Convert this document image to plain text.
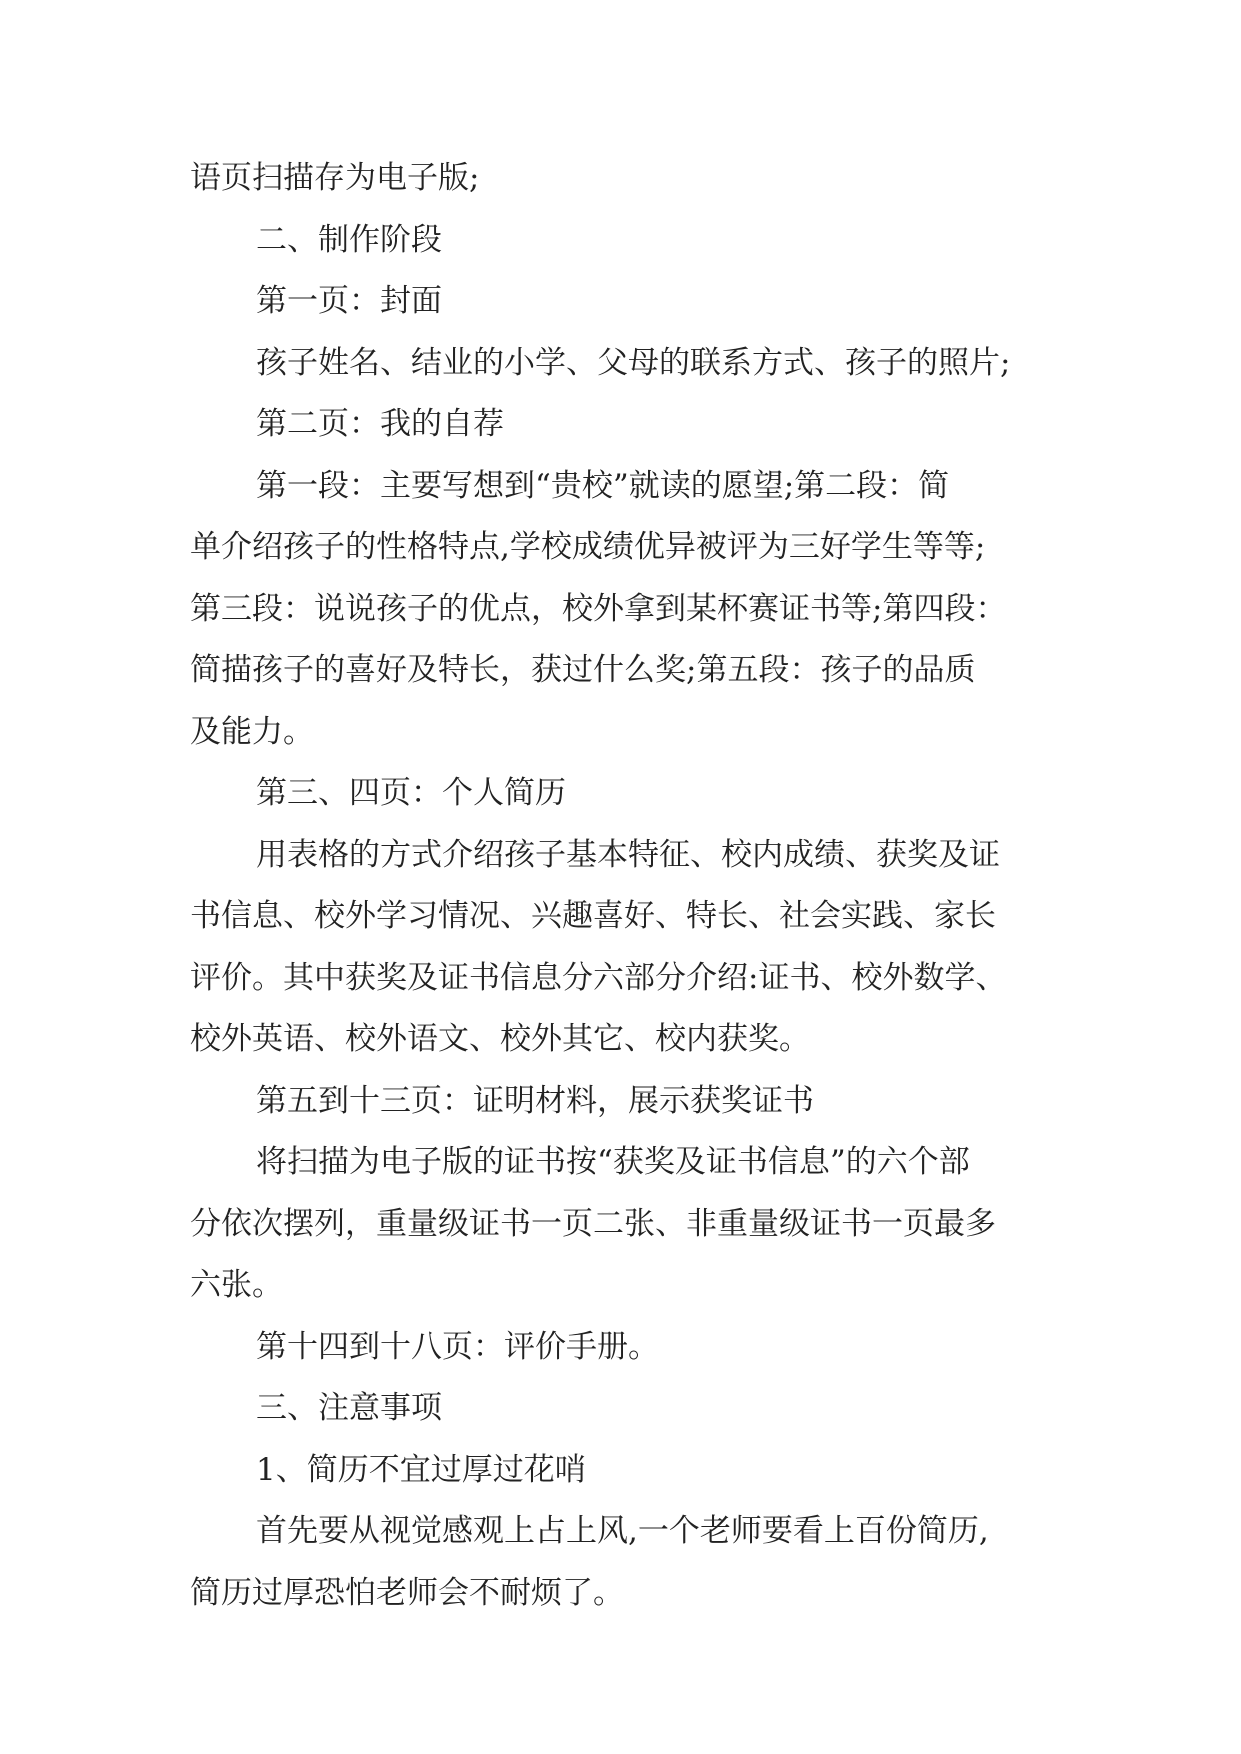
语页扫描存为电子版;
二、制作阶段
第一页：封面
孩子姓名、结业的小学、父母的联系方式、孩子的照片;
第二页：我的自荐
第一段：主要写想到“贵校”就读的愿望;第二段：简
单介绍孩子的性格特点,学校成绩优异被评为三好学生等等;
第三段：说说孩子的优点，校外拿到某杯赛证书等;第四段：
简描孩子的喜好及特长，获过什么奖;第五段：孩子的品质
及能力。
第三、四页：个人简历
用表格的方式介绍孩子基本特征、校内成绩、获奖及证
书信息、校外学习情况、兴趣喜好、特长、社会实践、家长
评价。其中获奖及证书信息分六部分介绍:证书、校外数学、
校外英语、校外语文、校外其它、校内获奖。
第五到十三页：证明材料，展示获奖证书
将扫描为电子版的证书按“获奖及证书信息”的六个部
分依次摆列，重量级证书一页二张、非重量级证书一页最多
六张。
第十四到十八页：评价手册。
三、注意事项
1、简历不宜过厚过花哨
首先要从视觉感观上占上风,一个老师要看上百份简历,
简历过厚恐怕老师会不耐烦了。
